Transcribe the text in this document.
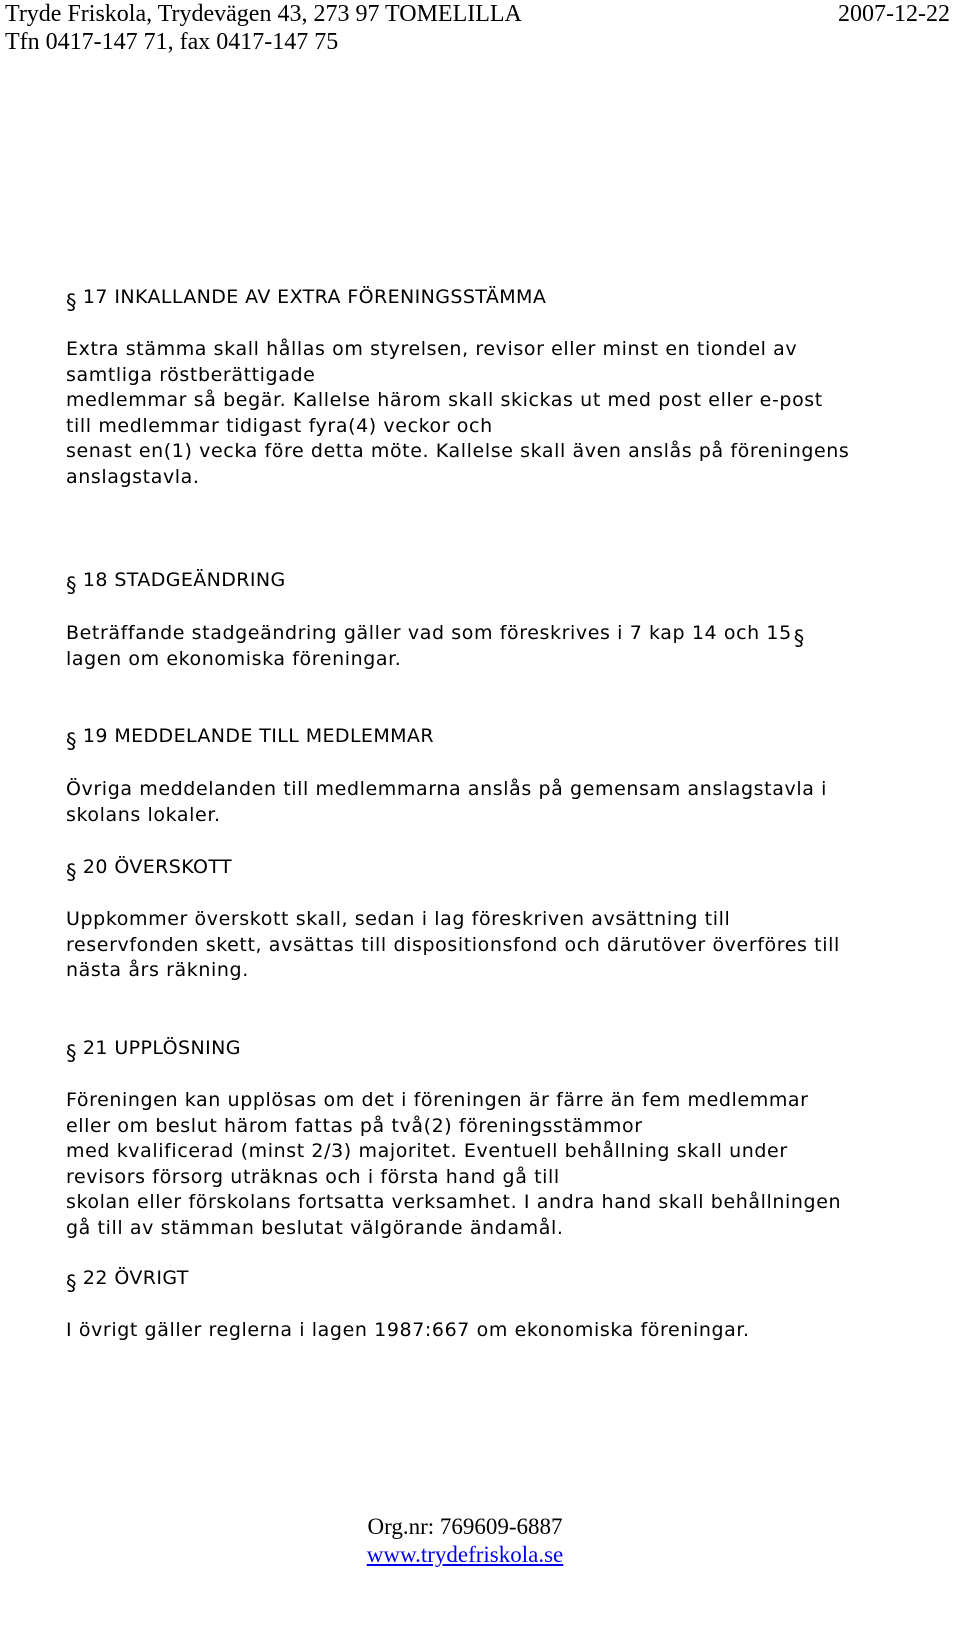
Tryde Friskola, Trydevägen 43, 273 97 TOMELILLA
Tfn 0417-147 71, fax 0417-147 75
2007-12-22
§ 17 INKALLANDE AV EXTRA FÖRENINGSSTÄMMA
Extra stämma skall hållas om styrelsen, revisor eller minst en tiondel av
samtliga röstberättigade
medlemmar så begär. Kallelse härom skall skickas ut med post eller e-post
till medlemmar tidigast fyra(4) veckor och
senast en(1) vecka före detta möte. Kallelse skall även anslås på föreningens
anslagstavla.
§ 18 STADGEÄNDRING
Beträffande stadgeändring gäller vad som föreskrives i 7 kap 14 och 15§
lagen om ekonomiska föreningar.
§ 19 MEDDELANDE TILL MEDLEMMAR
Övriga meddelanden till medlemmarna anslås på gemensam anslagstavla i
skolans lokaler.
§ 20 ÖVERSKOTT
Uppkommer överskott skall, sedan i lag föreskriven avsättning till
reservfonden skett, avsättas till dispositionsfond och därutöver överföres till
nästa års räkning.
§ 21 UPPLÖSNING
Föreningen kan upplösas om det i föreningen är färre än fem medlemmar
eller om beslut härom fattas på två(2) föreningsstämmor
med kvalificerad (minst 2/3) majoritet. Eventuell behållning skall under
revisors försorg uträknas och i första hand gå till
skolan eller förskolans fortsatta verksamhet. I andra hand skall behållningen
gå till av stämman beslutat välgörande ändamål.
§ 22 ÖVRIGT
I övrigt gäller reglerna i lagen 1987:667 om ekonomiska föreningar.
Org.nr: 769609-6887
www.trydefriskola.se
